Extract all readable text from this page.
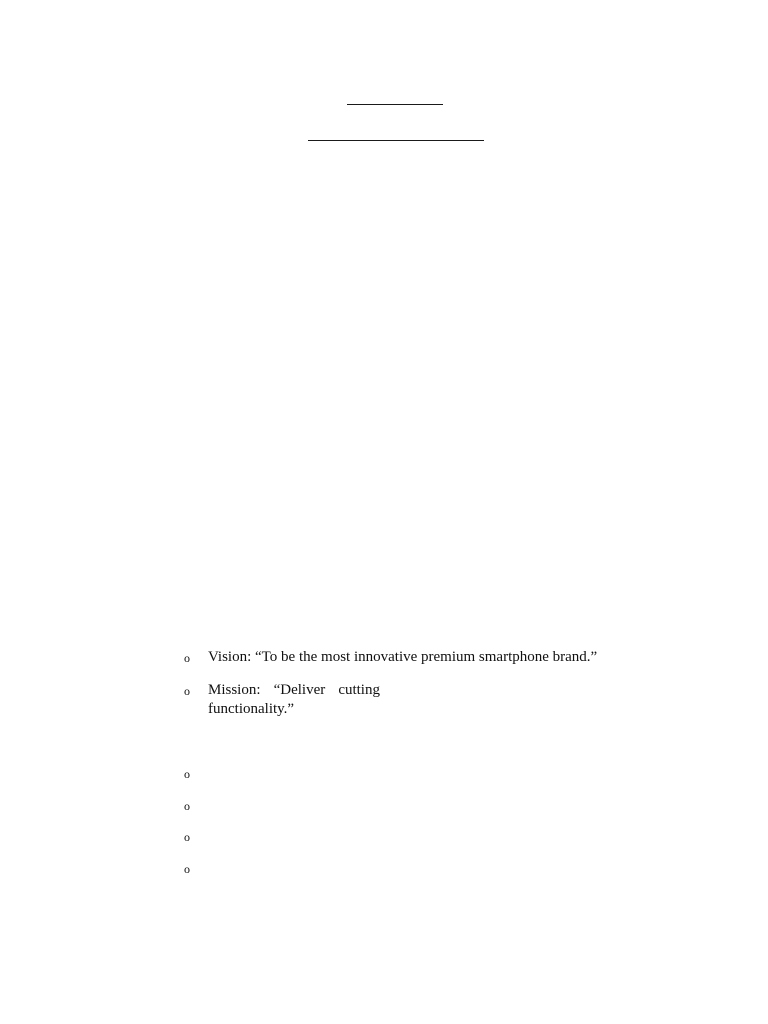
o Vision: “To be the most innovative premium smartphone brand.”
o Mission: “Deliver cutting
functionality.”
o
o
o
o
